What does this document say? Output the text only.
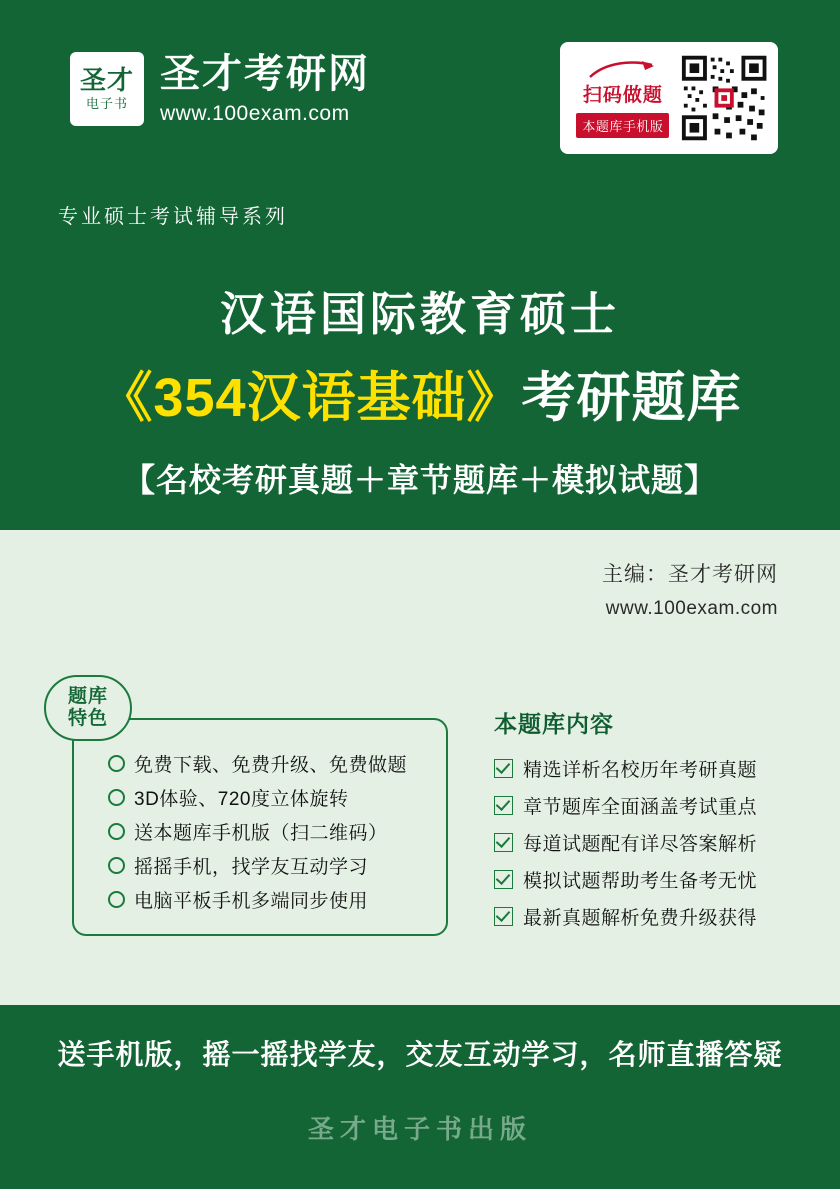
圣才
电子书
圣才考研网
www.100exam.com
扫码做题
本题库手机版
专业硕士考试辅导系列
汉语国际教育硕士
《354汉语基础》考研题库
【名校考研真题＋章节题库＋模拟试题】
主编：圣才考研网
www.100exam.com
题库
特色
免费下载、免费升级、免费做题
3D体验、720度立体旋转
送本题库手机版（扫二维码）
摇摇手机，找学友互动学习
电脑平板手机多端同步使用
本题库内容
精选详析名校历年考研真题
章节题库全面涵盖考试重点
每道试题配有详尽答案解析
模拟试题帮助考生备考无忧
最新真题解析免费升级获得
送手机版，摇一摇找学友，交友互动学习，名师直播答疑
圣才电子书出版
